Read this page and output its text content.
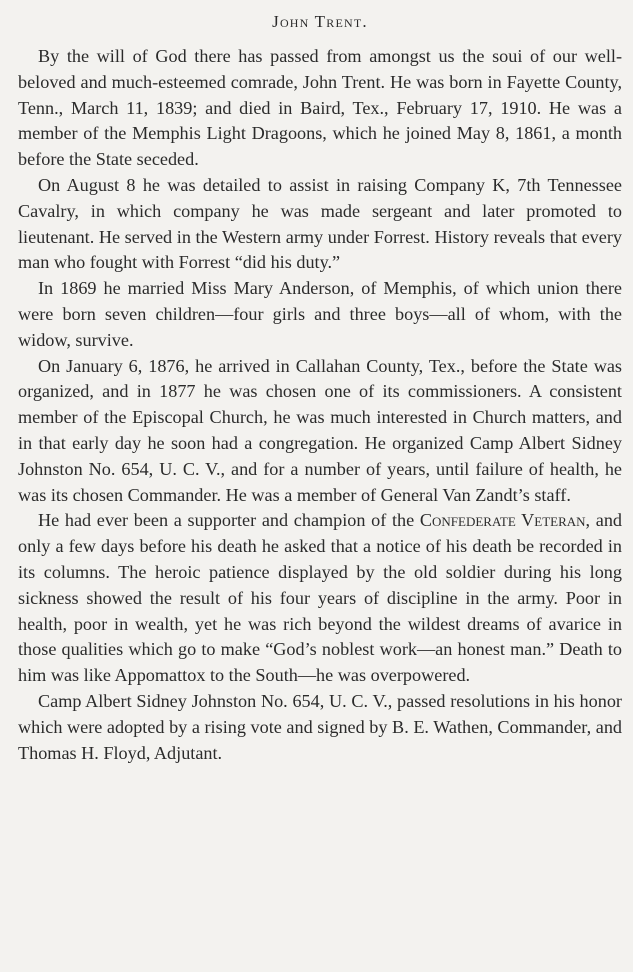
John Trent.

By the will of God there has passed from amongst us the soui of our well-beloved and much-esteemed comrade, John Trent. He was born in Fayette County, Tenn., March 11, 1839; and died in Baird, Tex., February 17, 1910. He was a member of the Memphis Light Dragoons, which he joined May 8, 1861, a month before the State seceded.

On August 8 he was detailed to assist in raising Company K, 7th Tennessee Cavalry, in which company he was made sergeant and later promoted to lieutenant. He served in the Western army under Forrest. History reveals that every man who fought with Forrest “did his duty.”

In 1869 he married Miss Mary Anderson, of Memphis, of which union there were born seven children—four girls and three boys—all of whom, with the widow, survive.

On January 6, 1876, he arrived in Callahan County, Tex., before the State was organized, and in 1877 he was chosen one of its commissioners. A consistent member of the Episcopal Church, he was much interested in Church matters, and in that early day he soon had a congregation. He organized Camp Albert Sidney Johnston No. 654, U. C. V., and for a number of years, until failure of health, he was its chosen Commander. He was a member of General Van Zandt’s staff.

He had ever been a supporter and champion of the Confederate Veteran, and only a few days before his death he asked that a notice of his death be recorded in its columns. The heroic patience displayed by the old soldier during his long sickness showed the result of his four years of discipline in the army. Poor in health, poor in wealth, yet he was rich beyond the wildest dreams of avarice in those qualities which go to make “God’s noblest work—an honest man.” Death to him was like Appomattox to the South—he was overpowered.

Camp Albert Sidney Johnston No. 654, U. C. V., passed resolutions in his honor which were adopted by a rising vote and signed by B. E. Wathen, Commander, and Thomas H. Floyd, Adjutant.
